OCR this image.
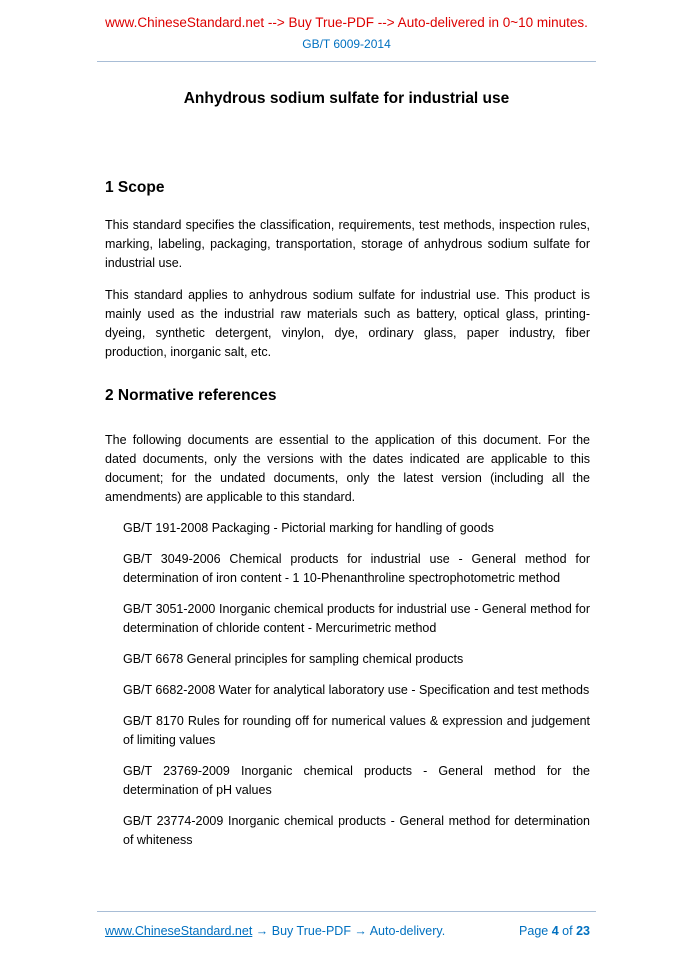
www.ChineseStandard.net --> Buy True-PDF --> Auto-delivered in 0~10 minutes.
GB/T 6009-2014
Anhydrous sodium sulfate for industrial use
1 Scope

This standard specifies the classification, requirements, test methods, inspection rules, marking, labeling, packaging, transportation, storage of anhydrous sodium sulfate for industrial use.

This standard applies to anhydrous sodium sulfate for industrial use. This product is mainly used as the industrial raw materials such as battery, optical glass, printing-dyeing, synthetic detergent, vinylon, dye, ordinary glass, paper industry, fiber production, inorganic salt, etc.

2 Normative references

The following documents are essential to the application of this document. For the dated documents, only the versions with the dates indicated are applicable to this document; for the undated documents, only the latest version (including all the amendments) are applicable to this standard.

GB/T 191-2008 Packaging - Pictorial marking for handling of goods

GB/T 3049-2006 Chemical products for industrial use - General method for determination of iron content - 1 10-Phenanthroline spectrophotometric method

GB/T 3051-2000 Inorganic chemical products for industrial use - General method for determination of chloride content - Mercurimetric method

GB/T 6678 General principles for sampling chemical products

GB/T 6682-2008 Water for analytical laboratory use - Specification and test methods

GB/T 8170 Rules for rounding off for numerical values & expression and judgement of limiting values

GB/T 23769-2009 Inorganic chemical products - General method for the determination of pH values

GB/T 23774-2009 Inorganic chemical products - General method for determination of whiteness

www.ChineseStandard.net → Buy True-PDF → Auto-delivery.	Page 4 of 23
